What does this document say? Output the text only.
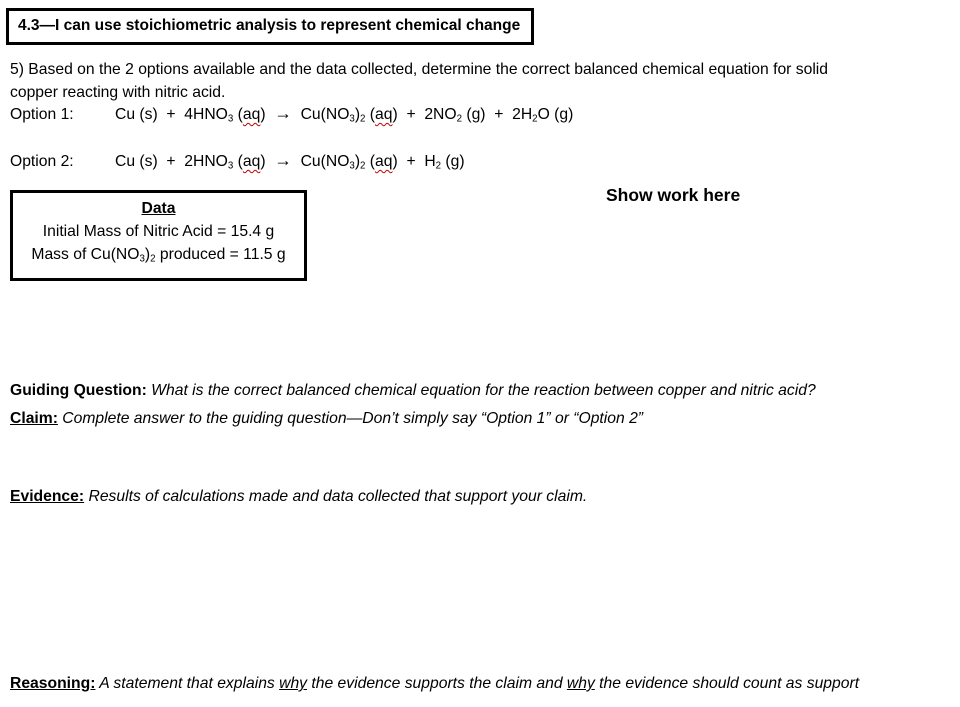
4.3—I can use stoichiometric analysis to represent chemical change
5) Based on the 2 options available and the data collected, determine the correct balanced chemical equation for solid
copper reacting with nitric acid.
Option 1:	Cu $(s) + 4HNO_3$ $(aq) \to Cu(NO_3)_2$ $(aq) + 2NO_2$ $(g) + 2H_2O$ (g)
Option 2:	Cu $(s) + 2HNO_3$ $(aq) \to Cu(NO_3)_2$ $(aq) + H_2$ (g)
Data
Initial Mass of Nitric Acid = 15.4 g
Mass of $Cu(NO_3)_2$ produced = 11.5 g
Show work here
Guiding Question: What is the correct balanced chemical equation for the reaction between copper and nitric acid?
Claim: Complete answer to the guiding question—Don’t simply say “Option 1” or “Option 2”
Evidence: Results of calculations made and data collected that support your claim.
Reasoning: A statement that explains why the evidence supports the claim and why the evidence should count as support
